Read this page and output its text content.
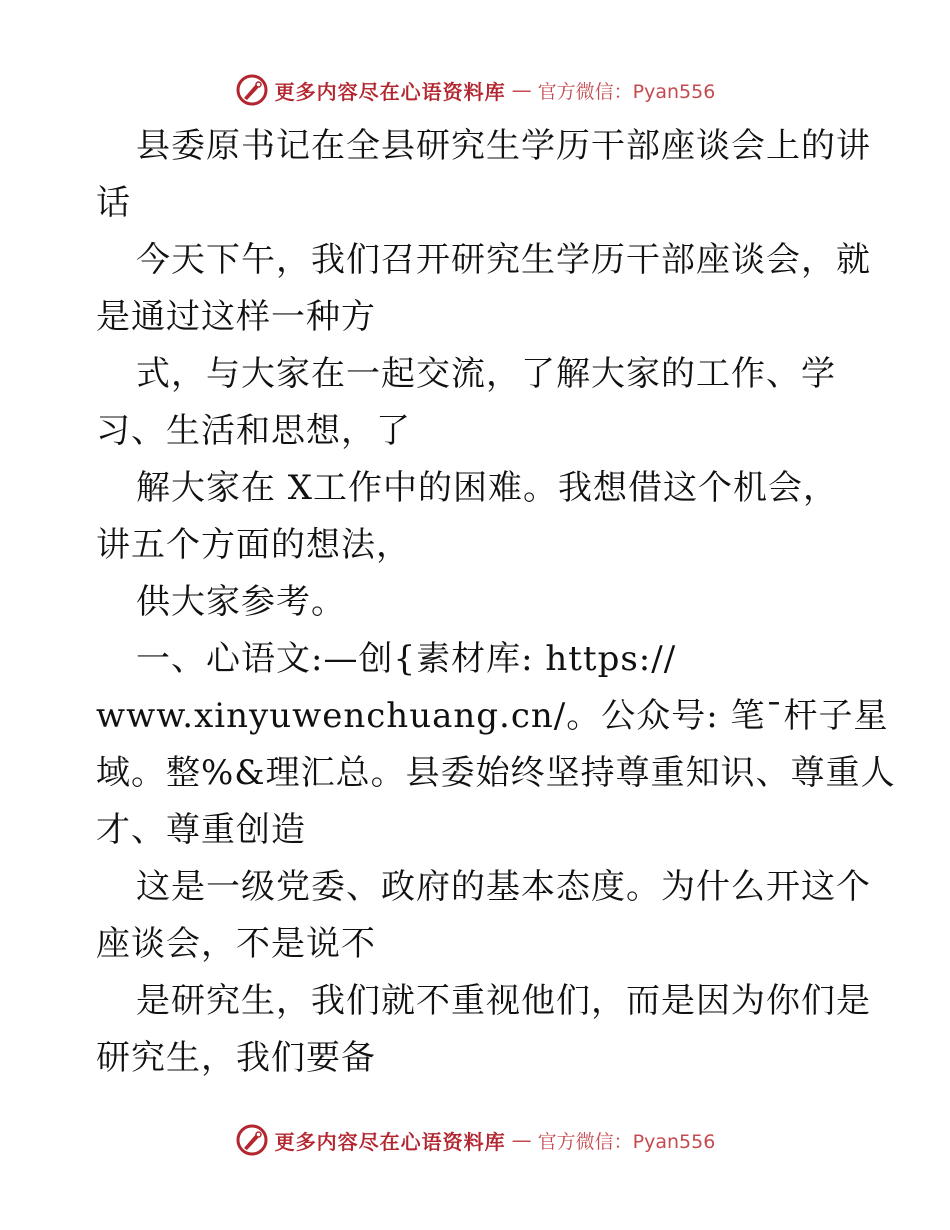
更多内容尽在心语资料库 — 官方微信：Pyan556
县委原书记在全县研究生学历干部座谈会上的讲
话
今天下午，我们召开研究生学历干部座谈会，就
是通过这样一种方
式，与大家在一起交流，了解大家的工作、学
习、生活和思想，了
解大家在 X工作中的困难。我想借这个机会，
讲五个方面的想法，
供大家参考。
一、心语文:—创{素材库: https://
www.xinyuwenchuang.cn/。公众号: 笔¯杆子星
域。整%&理汇总。县委始终坚持尊重知识、尊重人
才、尊重创造
这是一级党委、政府的基本态度。为什么开这个
座谈会，不是说不
是研究生，我们就不重视他们，而是因为你们是
研究生，我们要备
更多内容尽在心语资料库 — 官方微信：Pyan556
